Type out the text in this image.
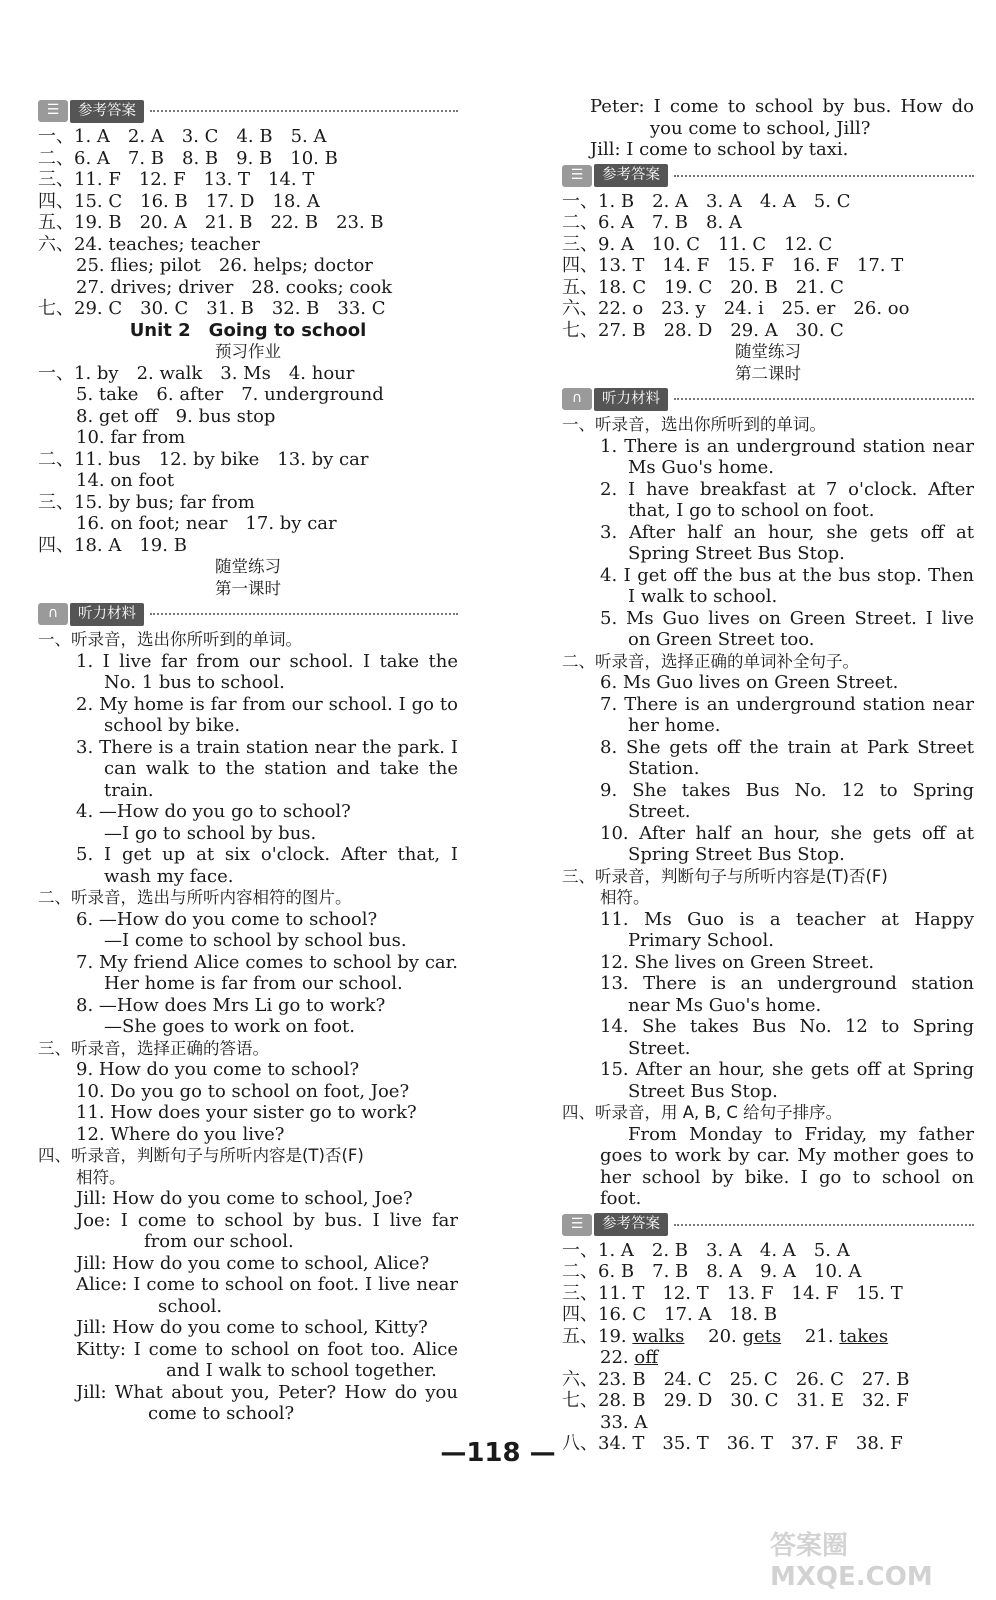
☰	参考答案
一、1. A　2. A　3. C　4. B　5. A
二、6. A　7. B　8. B　9. B　10. B
三、11. F　12. F　13. T　14. T
四、15. C　16. B　17. D　18. A
五、19. B　20. A　21. B　22. B　23. B
六、24. teaches; teacher
25. flies; pilot　26. helps; doctor
27. drives; driver　28. cooks; cook
七、29. C　30. C　31. B　32. B　33. C
Unit 2　Going to school
预习作业
一、1. by　2. walk　3. Ms　4. hour
5. take　6. after　7. underground
8. get off　9. bus stop
10. far from
二、11. bus　12. by bike　13. by car
14. on foot
三、15. by bus; far from
16. on foot; near　17. by car
四、18. A　19. B
随堂练习
第一课时
∩	听力材料
一、听录音，选出你所听到的单词。
1. I live far from our school. I take the No. 1 bus to school.
2. My home is far from our school. I go to school by bike.
3. There is a train station near the park. I can walk to the station and take the train.
4. —How do you go to school?
—I go to school by bus.
5. I get up at six o'clock. After that, I wash my face.
二、听录音，选出与所听内容相符的图片。
6. —How do you come to school?
—I come to school by school bus.
7. My friend Alice comes to school by car. Her home is far from our school.
8. —How does Mrs Li go to work?
—She goes to work on foot.
三、听录音，选择正确的答语。
9. How do you come to school?
10. Do you go to school on foot, Joe?
11. How does your sister go to work?
12. Where do you live?
四、听录音，判断句子与所听内容是(T)否(F)
相符。
Jill: How do you come to school, Joe?
Joe: I come to school by bus. I live far from our school.
Jill: How do you come to school, Alice?
Alice: I come to school on foot. I live near school.
Jill: How do you come to school, Kitty?
Kitty: I come to school on foot too. Alice and I walk to school together.
Jill: What about you, Peter? How do you come to school?
Peter: I come to school by bus. How do you come to school, Jill?
Jill: I come to school by taxi.
☰	参考答案
一、1. B　2. A　3. A　4. A　5. C
二、6. A　7. B　8. A
三、9. A　10. C　11. C　12. C
四、13. T　14. F　15. F　16. F　17. T
五、18. C　19. C　20. B　21. C
六、22. o　23. y　24. i　25. er　26. oo
七、27. B　28. D　29. A　30. C
随堂练习
第二课时
∩	听力材料
一、听录音，选出你所听到的单词。
1. There is an underground station near Ms Guo's home.
2. I have breakfast at 7 o'clock. After that, I go to school on foot.
3. After half an hour, she gets off at Spring Street Bus Stop.
4. I get off the bus at the bus stop. Then I walk to school.
5. Ms Guo lives on Green Street. I live on Green Street too.
二、听录音，选择正确的单词补全句子。
6. Ms Guo lives on Green Street.
7. There is an underground station near her home.
8. She gets off the train at Park Street Station.
9. She takes Bus No. 12 to Spring Street.
10. After half an hour, she gets off at Spring Street Bus Stop.
三、听录音，判断句子与所听内容是(T)否(F)
相符。
11. Ms Guo is a teacher at Happy Primary School.
12. She lives on Green Street.
13. There is an underground station near Ms Guo's home.
14. She takes Bus No. 12 to Spring Street.
15. After an hour, she gets off at Spring Street Bus Stop.
四、听录音，用 A, B, C 给句子排序。
From Monday to Friday, my father goes to work by car. My mother goes to her school by bike. I go to school on foot.
☰	参考答案
一、1. A　2. B　3. A　4. A　5. A
二、6. B　7. B　8. A　9. A　10. A
三、11. T　12. T　13. F　14. F　15. T
四、16. C　17. A　18. B
五、19. walks　 20. gets　 21. takes
22. off
六、23. B　24. C　25. C　26. C　27. B
七、28. B　29. D　30. C　31. E　32. F
33. A
八、34. T　35. T　36. T　37. F　38. F
—118 —
答案圈 MXQE.COM
